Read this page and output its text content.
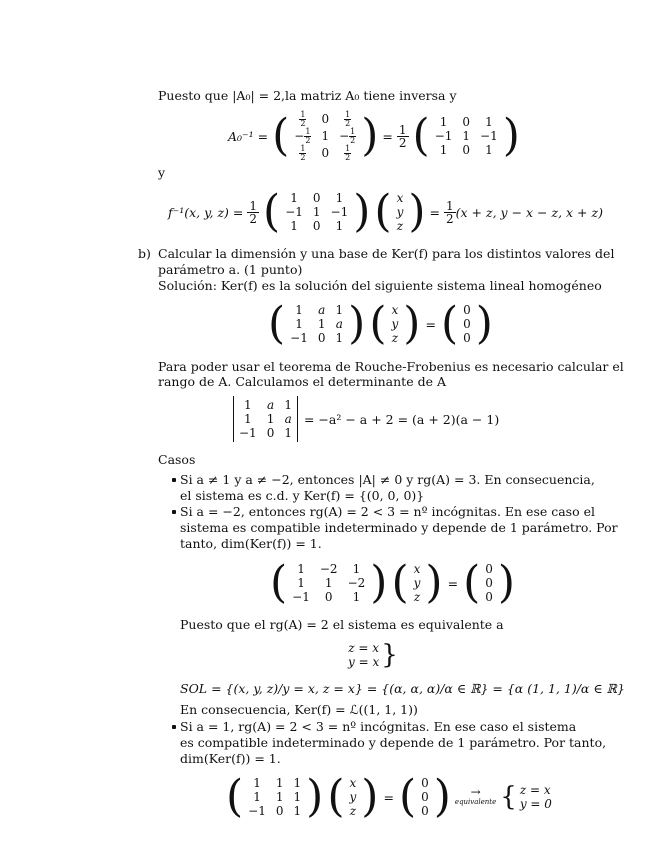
Puesto que |A₀| = 2,la matriz A₀ tiene inversa y
A₀⁻¹ = ( $\frac{1}{2}$	0	$\frac{1}{2}$

− $\frac{1}{2}$	1	− $\frac{1}{2}$

$\frac{1}{2}$	0	$\frac{1}{2}$ ) = $\frac{1}{2}$ ( 1	0	1
−1	1	−1
1	0	1 )
y
f⁻¹(x, y, $z) = \frac{1}{2}$ ( 1	0	1
−1	1	−1
1	0	1 ) ( x
y
z ) = $\frac{1}{2} (x + z$, y − x − z, x + z)
b) Calcular la dimensión y una base de Ker(f) para los distintos valores del
parámetro a. (1 punto)
Solución: Ker(f) es la solución del siguiente sistema lineal homogéneo
( 1	a	1
1	1	a
−1	0	1 ) ( x
y
z ) = ( 0
0
0 )
Para poder usar el teorema de Rouche-Frobenius es necesario calcular el
rango de A. Calculamos el determinante de A
1	a	1
1	1	a
−1	0	1
= −a² − a + 2 = (a + 2)(a − 1)
Casos
Si a ≠ 1 y a ≠ −2, entonces |A| ≠ 0 y rg(A) = 3. En consecuencia,
el sistema es c.d. y Ker(f) = {(0, 0, 0)}
Si a = −2, entonces rg(A) = 2 < 3 = nº incógnitas. En ese caso el
sistema es compatible indeterminado y depende de 1 parámetro. Por
tanto, dim(Ker(f)) = 1.
( 1	−2	1
1	1	−2
−1	0	1 ) ( x
y
z ) = ( 0
0
0 )
Puesto que el rg(A) = 2 el sistema es equivalente a
z = x
y = x }
SOL = {(x, y, z)/y = x, z = x} = {(α, α, α)/α ∈ ℝ} = {α (1, 1, 1)/α ∈ ℝ}
En consecuencia, Ker(f) = ℒ((1, 1, 1))
Si a = 1, rg(A) = 2 < 3 = nº incógnitas. En ese caso el sistema
es compatible indeterminado y depende de 1 parámetro. Por tanto,
dim(Ker(f)) = 1.
( 1	1	1
1	1	1
−1	0	1 ) ( x
y
z ) = ( 0
0
0 ) →
equivalente { z = x
y = 0
